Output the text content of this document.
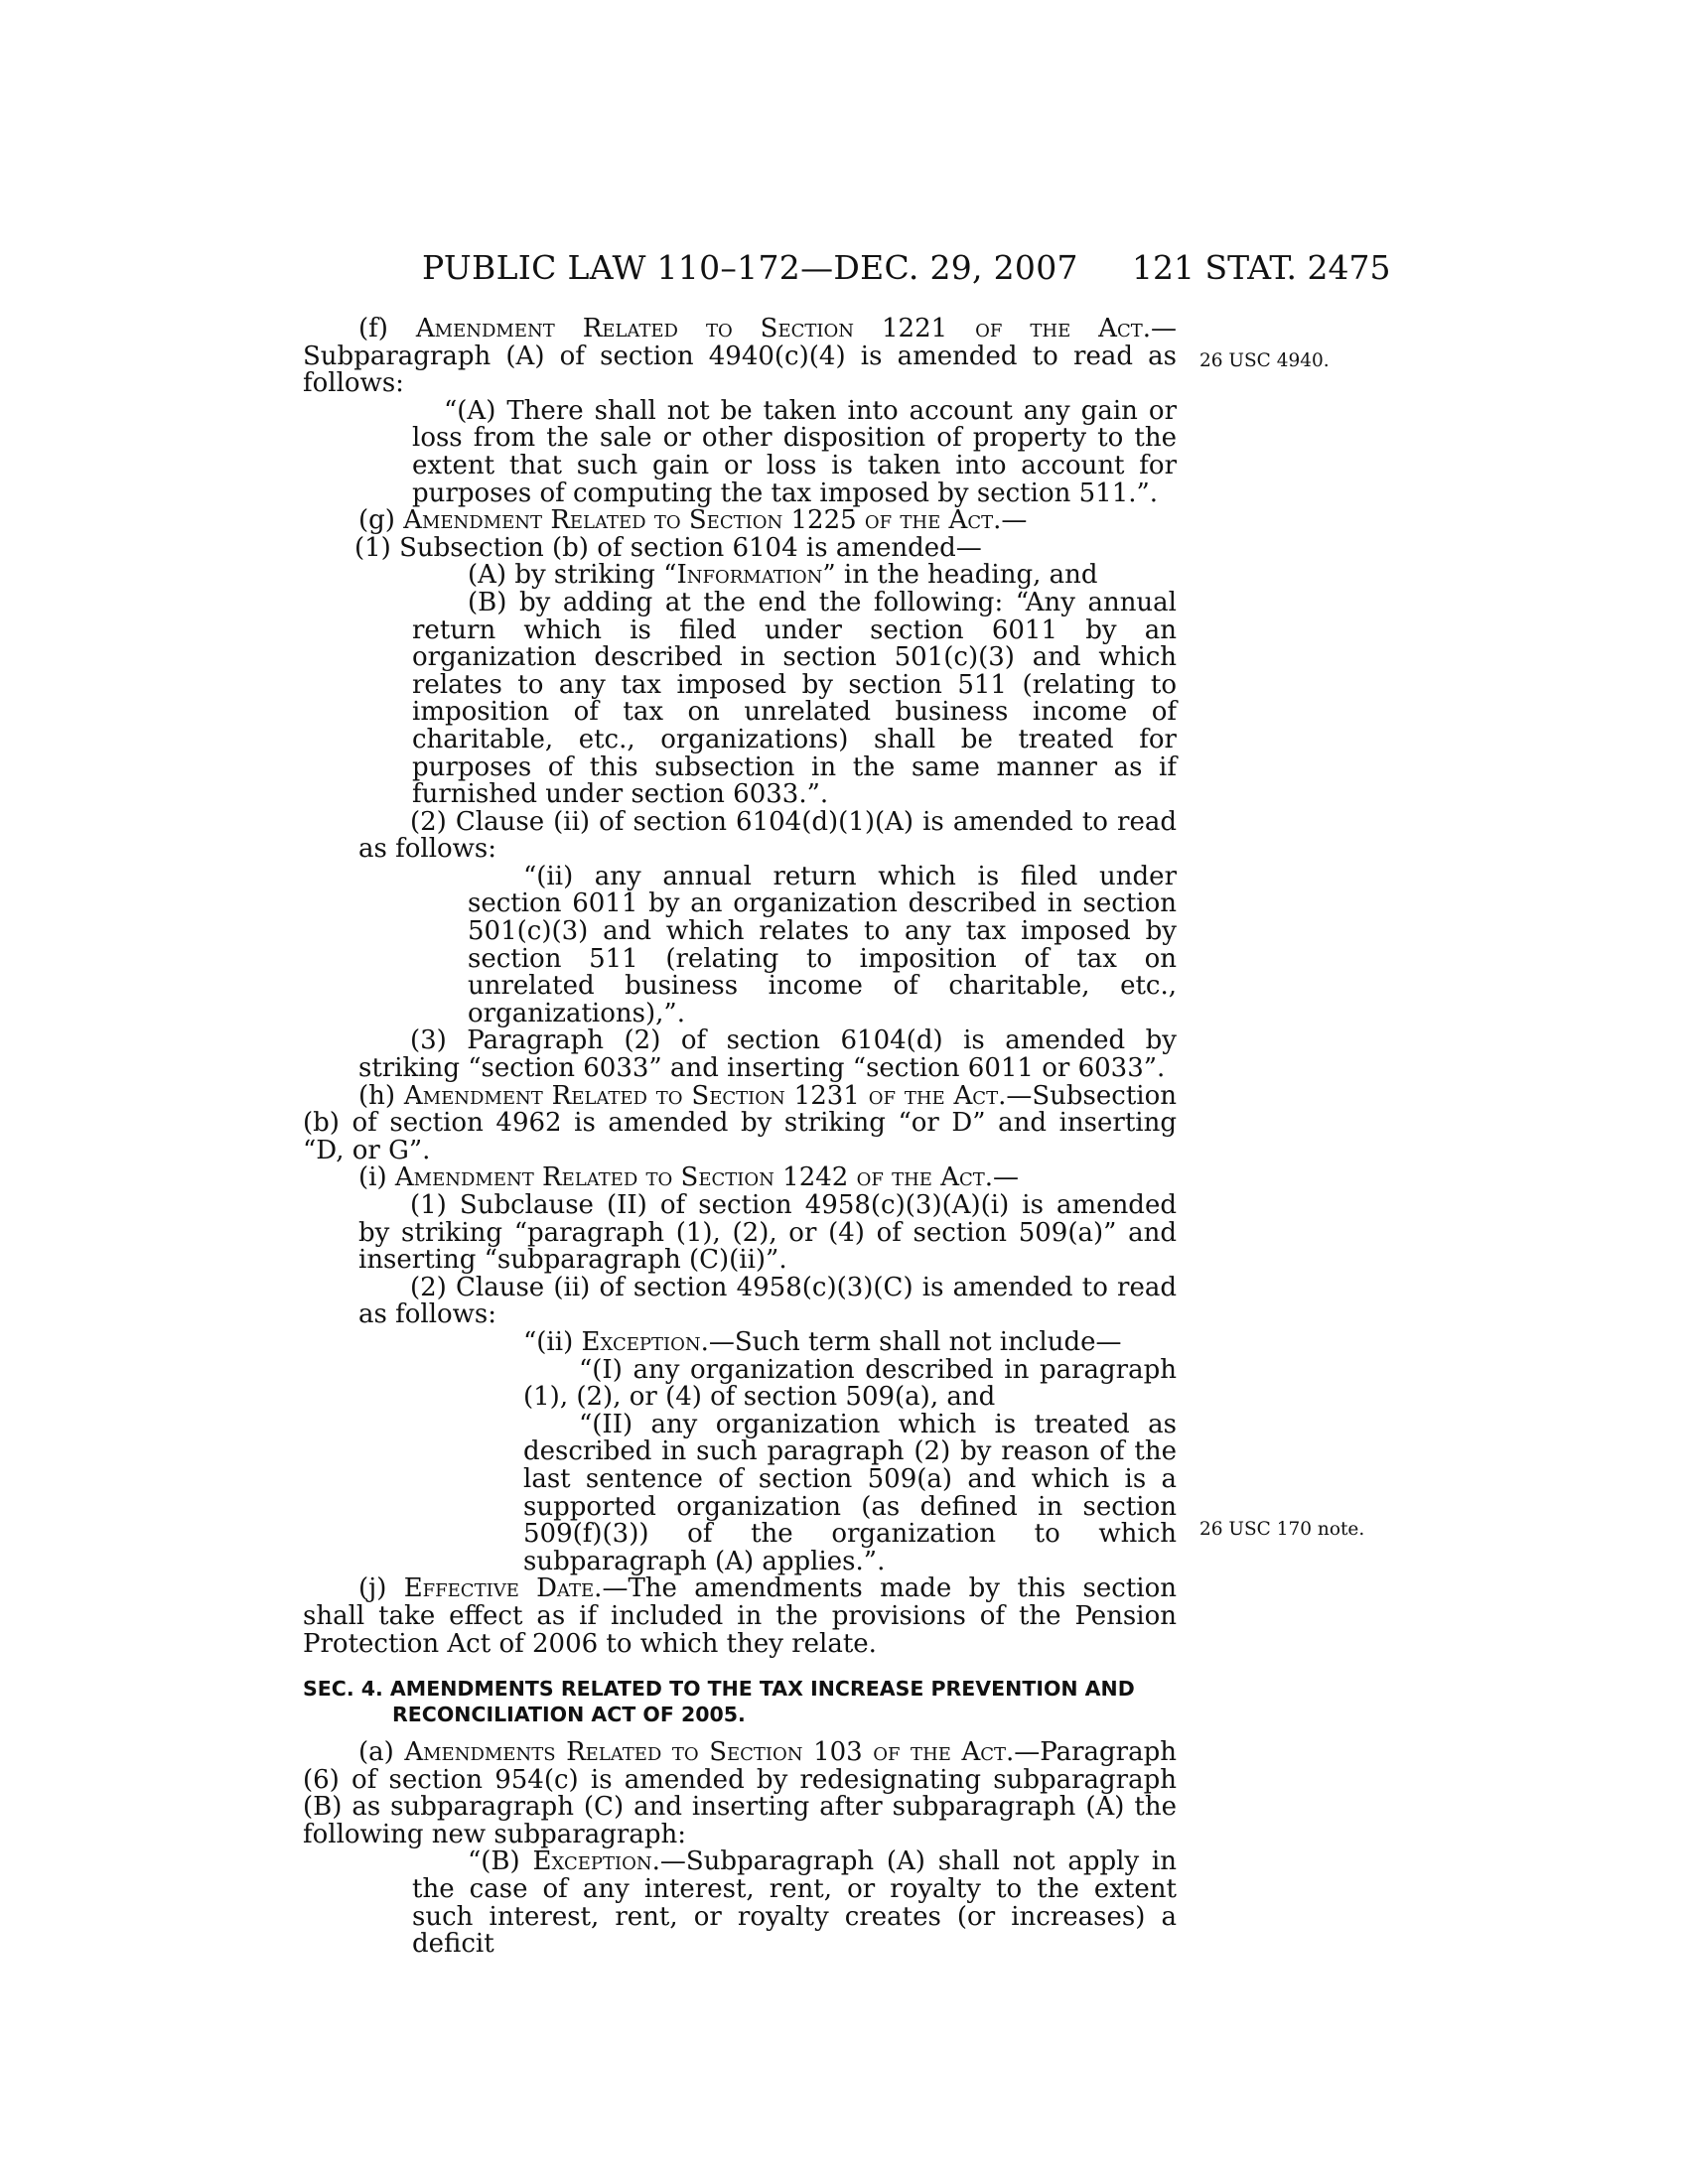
PUBLIC LAW 110–172—DEC. 29, 2007 121 STAT. 2475
26 USC 4940.
26 USC 170 note.

(f) Amendment Related to Section 1221 of the Act.—Subparagraph (A) of section 4940(c)(4) is amended to read as follows:

“(A) There shall not be taken into account any gain or loss from the sale or other disposition of property to the extent that such gain or loss is taken into account for purposes of computing the tax imposed by section 511.”.

(g) Amendment Related to Section 1225 of the Act.—

(1) Subsection (b) of section 6104 is amended—

(A) by striking “Information” in the heading, and

(B) by adding at the end the following: “Any annual return which is filed under section 6011 by an organization described in section 501(c)(3) and which relates to any tax imposed by section 511 (relating to imposition of tax on unrelated business income of charitable, etc., organizations) shall be treated for purposes of this subsection in the same manner as if furnished under section 6033.”.

(2) Clause (ii) of section 6104(d)(1)(A) is amended to read as follows:

“(ii) any annual return which is filed under section 6011 by an organization described in section 501(c)(3) and which relates to any tax imposed by section 511 (relating to imposition of tax on unrelated business income of charitable, etc., organizations),”.

(3) Paragraph (2) of section 6104(d) is amended by striking “section 6033” and inserting “section 6011 or 6033”.

(h) Amendment Related to Section 1231 of the Act.—Subsection (b) of section 4962 is amended by striking “or D” and inserting “D, or G”.

(i) Amendment Related to Section 1242 of the Act.—

(1) Subclause (II) of section 4958(c)(3)(A)(i) is amended by striking “paragraph (1), (2), or (4) of section 509(a)” and inserting “subparagraph (C)(ii)”.

(2) Clause (ii) of section 4958(c)(3)(C) is amended to read as follows:

“(ii) Exception.—Such term shall not include—

“(I) any organization described in paragraph (1), (2), or (4) of section 509(a), and

“(II) any organization which is treated as described in such paragraph (2) by reason of the last sentence of section 509(a) and which is a supported organization (as defined in section 509(f)(3)) of the organization to which subparagraph (A) applies.”.

(j) Effective Date.—The amendments made by this section shall take effect as if included in the provisions of the Pension Protection Act of 2006 to which they relate.

SEC. 4. AMENDMENTS RELATED TO THE TAX INCREASE PREVENTION AND RECONCILIATION ACT OF 2005.

(a) Amendments Related to Section 103 of the Act.—Paragraph (6) of section 954(c) is amended by redesignating subparagraph (B) as subparagraph (C) and inserting after subparagraph (A) the following new subparagraph:

“(B) Exception.—Subparagraph (A) shall not apply in the case of any interest, rent, or royalty to the extent such interest, rent, or royalty creates (or increases) a deficit
